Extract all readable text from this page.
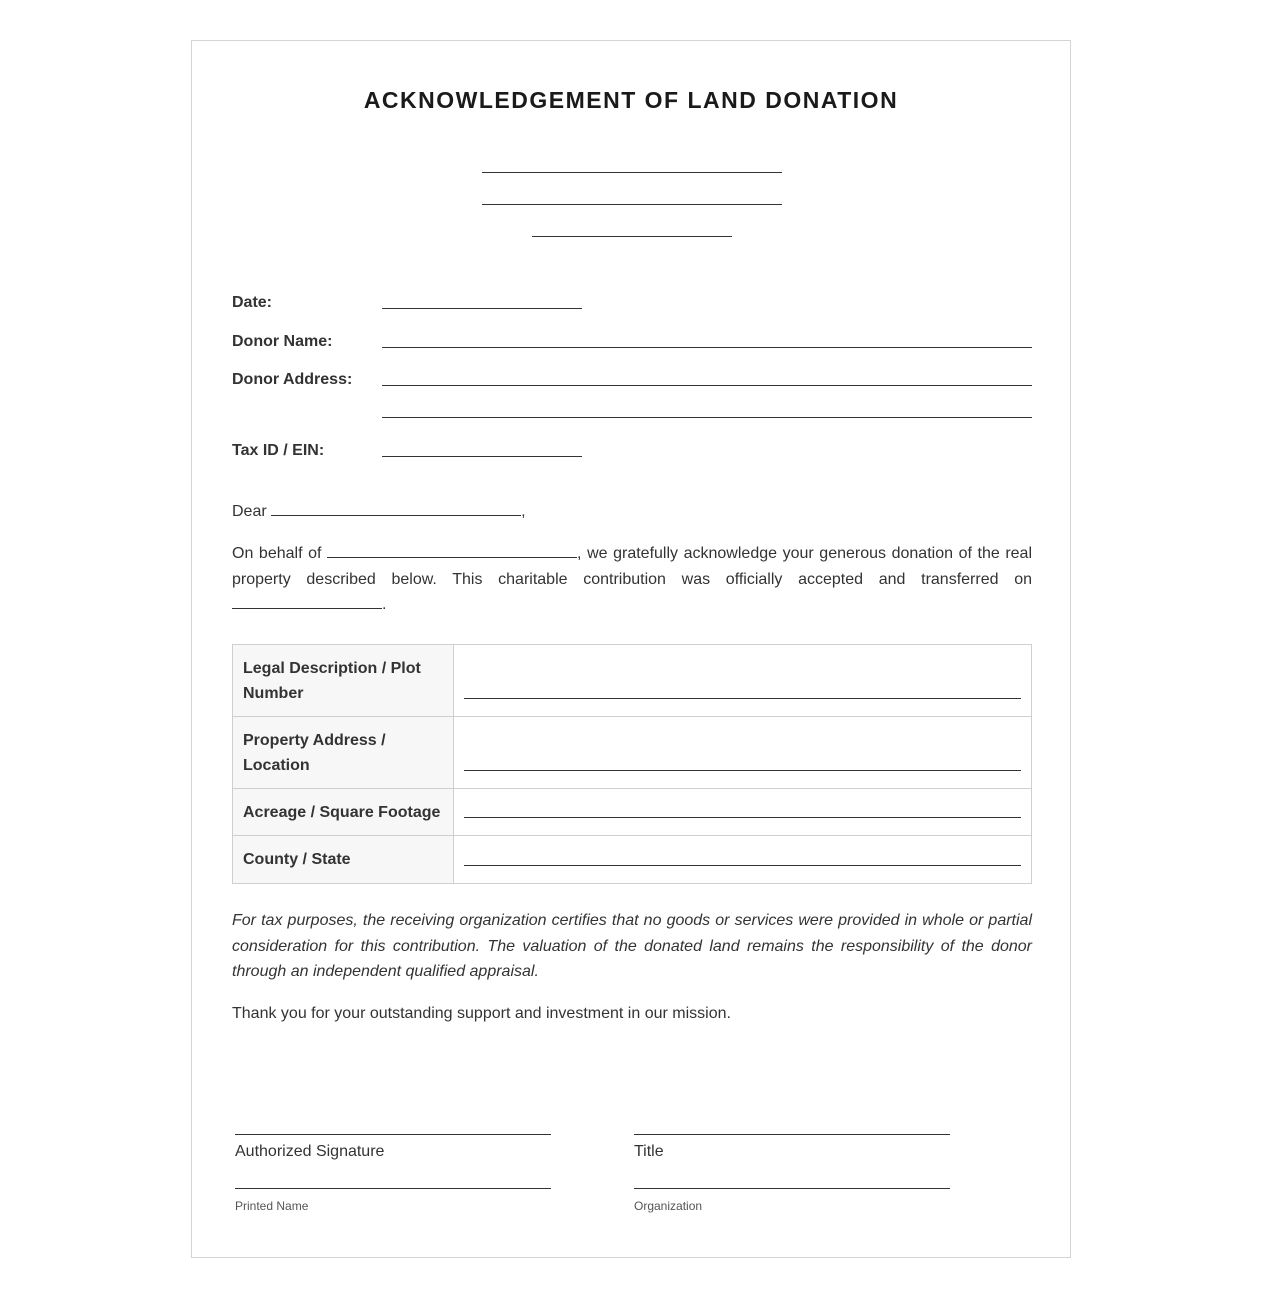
ACKNOWLEDGEMENT OF LAND DONATION
Date:
Donor Name:
Donor Address:
Tax ID / EIN:
Dear	,
On behalf of	, we gratefully acknowledge your generous donation of the real property described below. This charitable contribution was officially accepted and transferred on .
Legal Description / Plot Number	

Property Address / Location	

Acreage / Square Footage	

County / State	
For tax purposes, the receiving organization certifies that no goods or services were provided in whole or partial consideration for this contribution. The valuation of the donated land remains the responsibility of the donor through an independent qualified appraisal.
Thank you for your outstanding support and investment in our mission.
Authorized Signature
Printed Name
Title
Organization
